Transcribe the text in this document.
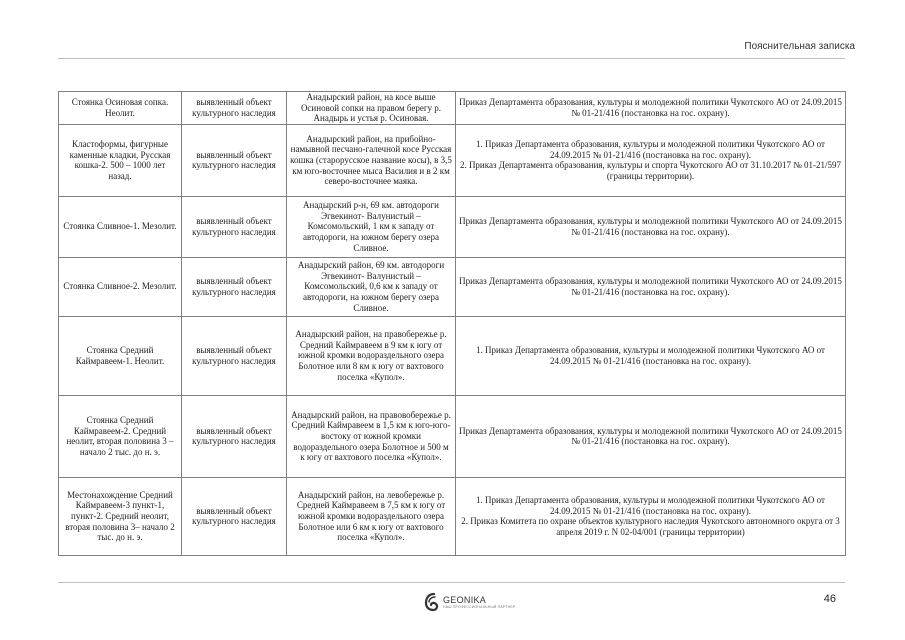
Пояснительная записка
Стоянка Осиновая сопка. Неолит.	выявленный объект культурного наследия	Анадырский район, на косе выше Осиновой сопки на правом берегу р. Анадырь и устья р. Осиновая.	Приказ Департамента образования, культуры и молодежной политики Чукотского АО от 24.09.2015 № 01-21/416 (постановка на гос. охрану).

Кластоформы, фигурные каменные кладки, Русская кошка-2. 500 – 1000 лет назад.	выявленный объект культурного наследия	Анадырский район, на прибойно-намывной песчано-галечной косе Русская кошка (старорусское название косы), в 3,5 км юго-восточнее мыса Василия и в 2 км северо-восточнее маяка.	1. Приказ Департамента образования, культуры и молодежной политики Чукотского АО от 24.09.2015 № 01-21/416 (постановка на гос. охрану).
2. Приказ Департамента образования, культуры и спорта Чукотского АО от 31.10.2017 № 01-21/597 (границы территории).

Стоянка Сливное-1. Мезолит.	выявленный объект культурного наследия	Анадырский р-н, 69 км. автодороги Эгвекинот- Валунистый – Комсомольский, 1 км к западу от автодороги, на южном берегу озера Сливное.	Приказ Департамента образования, культуры и молодежной политики Чукотского АО от 24.09.2015 № 01-21/416 (постановка на гос. охрану).

Стоянка Сливное-2. Мезолит.	выявленный объект культурного наследия	Анадырский район, 69 км. автодороги Эгвекинот- Валунистый – Комсомольский, 0,6 км к западу от автодороги, на южном берегу озера Сливное.	Приказ Департамента образования, культуры и молодежной политики Чукотского АО от 24.09.2015 № 01-21/416 (постановка на гос. охрану).

Стоянка Средний Каймравеем-1. Неолит.	выявленный объект культурного наследия	Анадырский район, на правобережье р. Средний Каймравеем в 9 км к югу от южной кромки водораздельного озера Болотное или 8 км к югу от вахтового поселка «Купол».	1. Приказ Департамента образования, культуры и молодежной политики Чукотского АО от 24.09.2015 № 01-21/416 (постановка на гос. охрану).

Стоянка Средний Каймравеем-2. Средний неолит, вторая половина 3 – начало 2 тыс. до н. э.	выявленный объект культурного наследия	Анадырский район, на правовобережье р. Средний Каймравеем в 1,5 км к юго-юго-востоку от южной кромки водораздельного озера Болотное и 500 м к югу от вахтового поселка «Купол».	Приказ Департамента образования, культуры и молодежной политики Чукотского АО от 24.09.2015 № 01-21/416 (постановка на гос. охрану).

Местонахождение Средний Каймравеем-3 пункт-1, пункт-2. Средний неолит, вторая половина 3– начало 2 тыс. до н. э.	выявленный объект культурного наследия	Анадырский район, на левобережье р. Средней Каймравеем в 7,5 км к югу от южной кромки водораздельного озера Болотное или 6 км к югу от вахтового поселка «Купол».	1. Приказ Департамента образования, культуры и молодежной политики Чукотского АО от 24.09.2015 № 01-21/416 (постановка на гос. охрану).
2. Приказ Комитета по охране объектов культурного наследия Чукотского автономного округа от 3 апреля 2019 г. N 02-04/001 (границы территории)
GEONIKA
НАШ ПРОФЕССИОНАЛЬНЫЙ ПАРТНЕР
46
